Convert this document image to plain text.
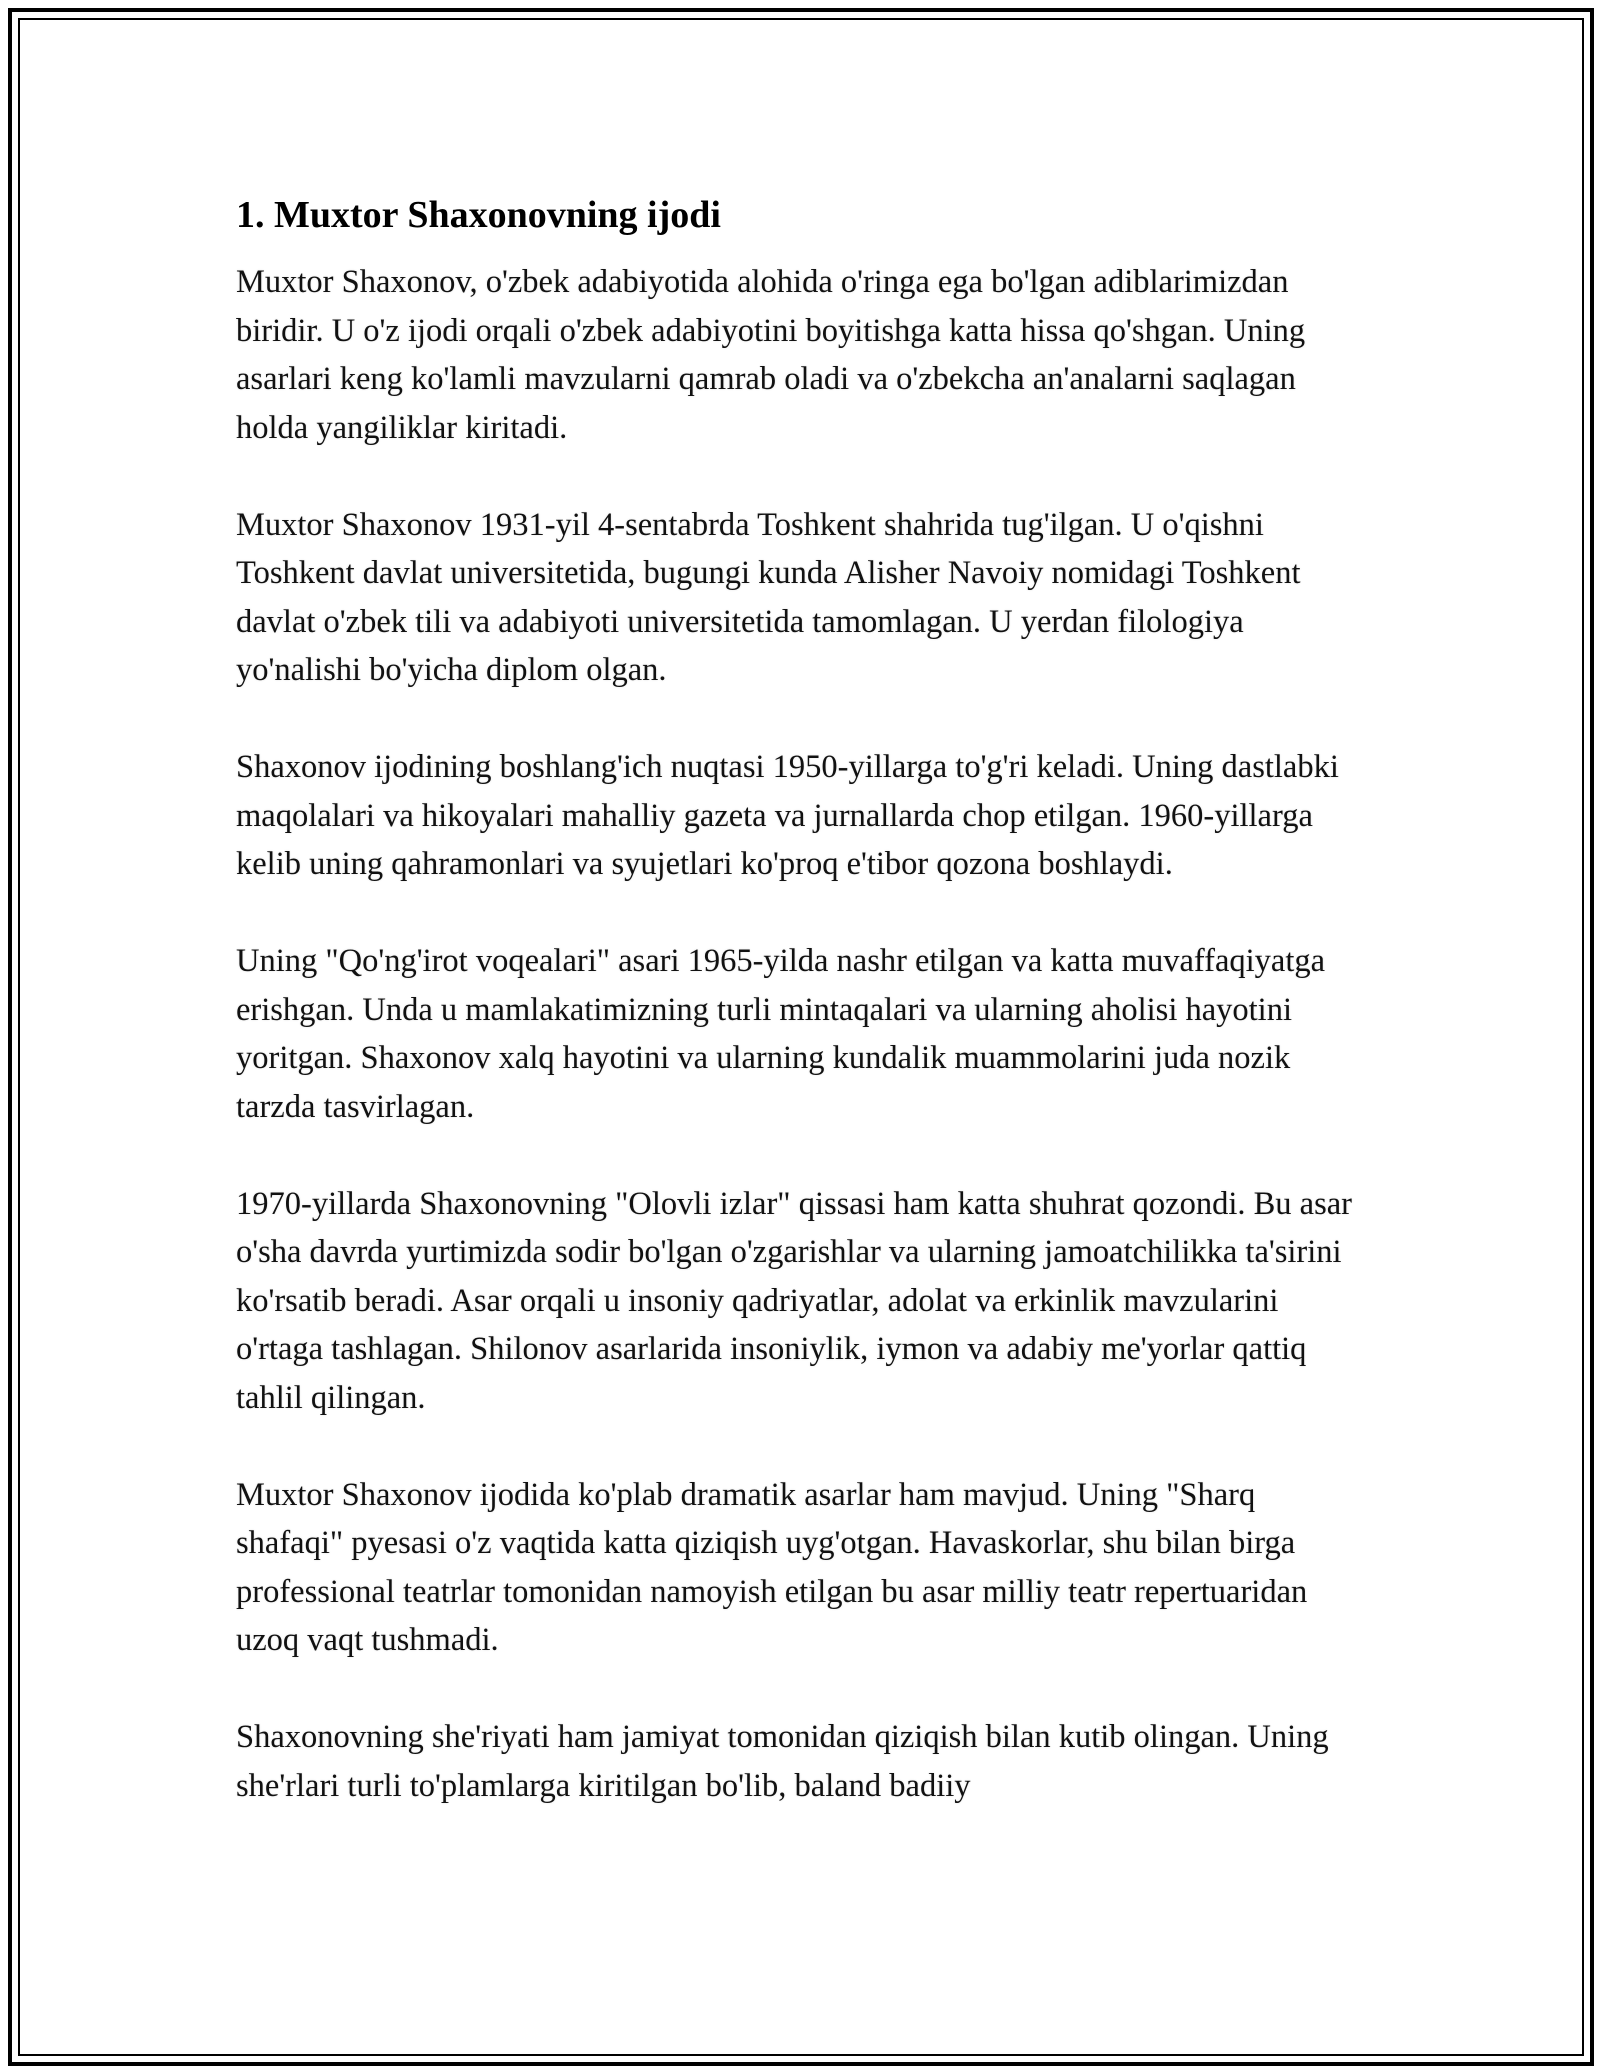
1. Muxtor Shaxonovning ijodi

Muxtor Shaxonov, o'zbek adabiyotida alohida o'ringa ega bo'lgan adiblarimizdan biridir. U o'z ijodi orqali o'zbek adabiyotini boyitishga katta hissa qo'shgan. Uning asarlari keng ko'lamli mavzularni qamrab oladi va o'zbekcha an'analarni saqlagan holda yangiliklar kiritadi.

Muxtor Shaxonov 1931-yil 4-sentabrda Toshkent shahrida tug'ilgan. U o'qishni Toshkent davlat universitetida, bugungi kunda Alisher Navoiy nomidagi Toshkent davlat o'zbek tili va adabiyoti universitetida tamomlagan. U yerdan filologiya yo'nalishi bo'yicha diplom olgan.

Shaxonov ijodining boshlang'ich nuqtasi 1950-yillarga to'g'ri keladi. Uning dastlabki maqolalari va hikoyalari mahalliy gazeta va jurnallarda chop etilgan. 1960-yillarga kelib uning qahramonlari va syujetlari ko'proq e'tibor qozona boshlaydi.

Uning "Qo'ng'irot voqealari" asari 1965-yilda nashr etilgan va katta muvaffaqiyatga erishgan. Unda u mamlakatimizning turli mintaqalari va ularning aholisi hayotini yoritgan. Shaxonov xalq hayotini va ularning kundalik muammolarini juda nozik tarzda tasvirlagan.

1970-yillarda Shaxonovning "Olovli izlar" qissasi ham katta shuhrat qozondi. Bu asar o'sha davrda yurtimizda sodir bo'lgan o'zgarishlar va ularning jamoatchilikka ta'sirini ko'rsatib beradi. Asar orqali u insoniy qadriyatlar, adolat va erkinlik mavzularini o'rtaga tashlagan. Shilonov asarlarida insoniylik, iymon va adabiy me'yorlar qattiq tahlil qilingan.

Muxtor Shaxonov ijodida ko'plab dramatik asarlar ham mavjud. Uning "Sharq shafaqi" pyesasi o'z vaqtida katta qiziqish uyg'otgan. Havaskorlar, shu bilan birga professional teatrlar tomonidan namoyish etilgan bu asar milliy teatr repertuaridan uzoq vaqt tushmadi.

Shaxonovning she'riyati ham jamiyat tomonidan qiziqish bilan kutib olingan. Uning she'rlari turli to'plamlarga kiritilgan bo'lib, baland badiiy
